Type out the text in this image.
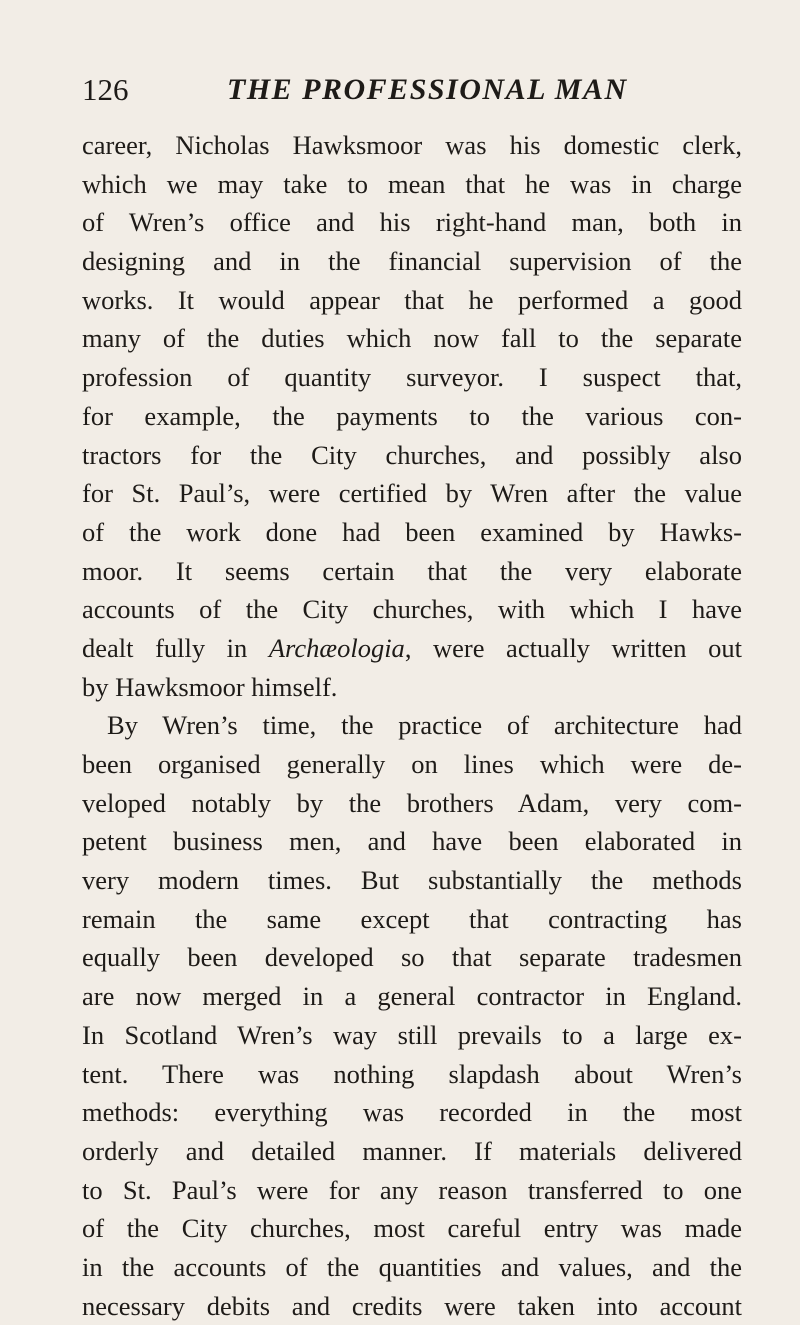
126	THE PROFESSIONAL MAN
career, Nicholas Hawksmoor was his domestic clerk,
which we may take to mean that he was in charge
of Wren’s office and his right-hand man, both in
designing and in the financial supervision of the
works. It would appear that he performed a good
many of the duties which now fall to the separate
profession of quantity surveyor. I suspect that,
for example, the payments to the various con-
tractors for the City churches, and possibly also
for St. Paul’s, were certified by Wren after the value
of the work done had been examined by Hawks-
moor. It seems certain that the very elaborate
accounts of the City churches, with which I have
dealt fully in Archæologia, were actually written out
by Hawksmoor himself.
By Wren’s time, the practice of architecture had
been organised generally on lines which were de-
veloped notably by the brothers Adam, very com-
petent business men, and have been elaborated in
very modern times. But substantially the methods
remain the same except that contracting has
equally been developed so that separate tradesmen
are now merged in a general contractor in England.
In Scotland Wren’s way still prevails to a large ex-
tent. There was nothing slapdash about Wren’s
methods: everything was recorded in the most
orderly and detailed manner. If materials delivered
to St. Paul’s were for any reason transferred to one
of the City churches, most careful entry was made
in the accounts of the quantities and values, and the
necessary debits and credits were taken into account
